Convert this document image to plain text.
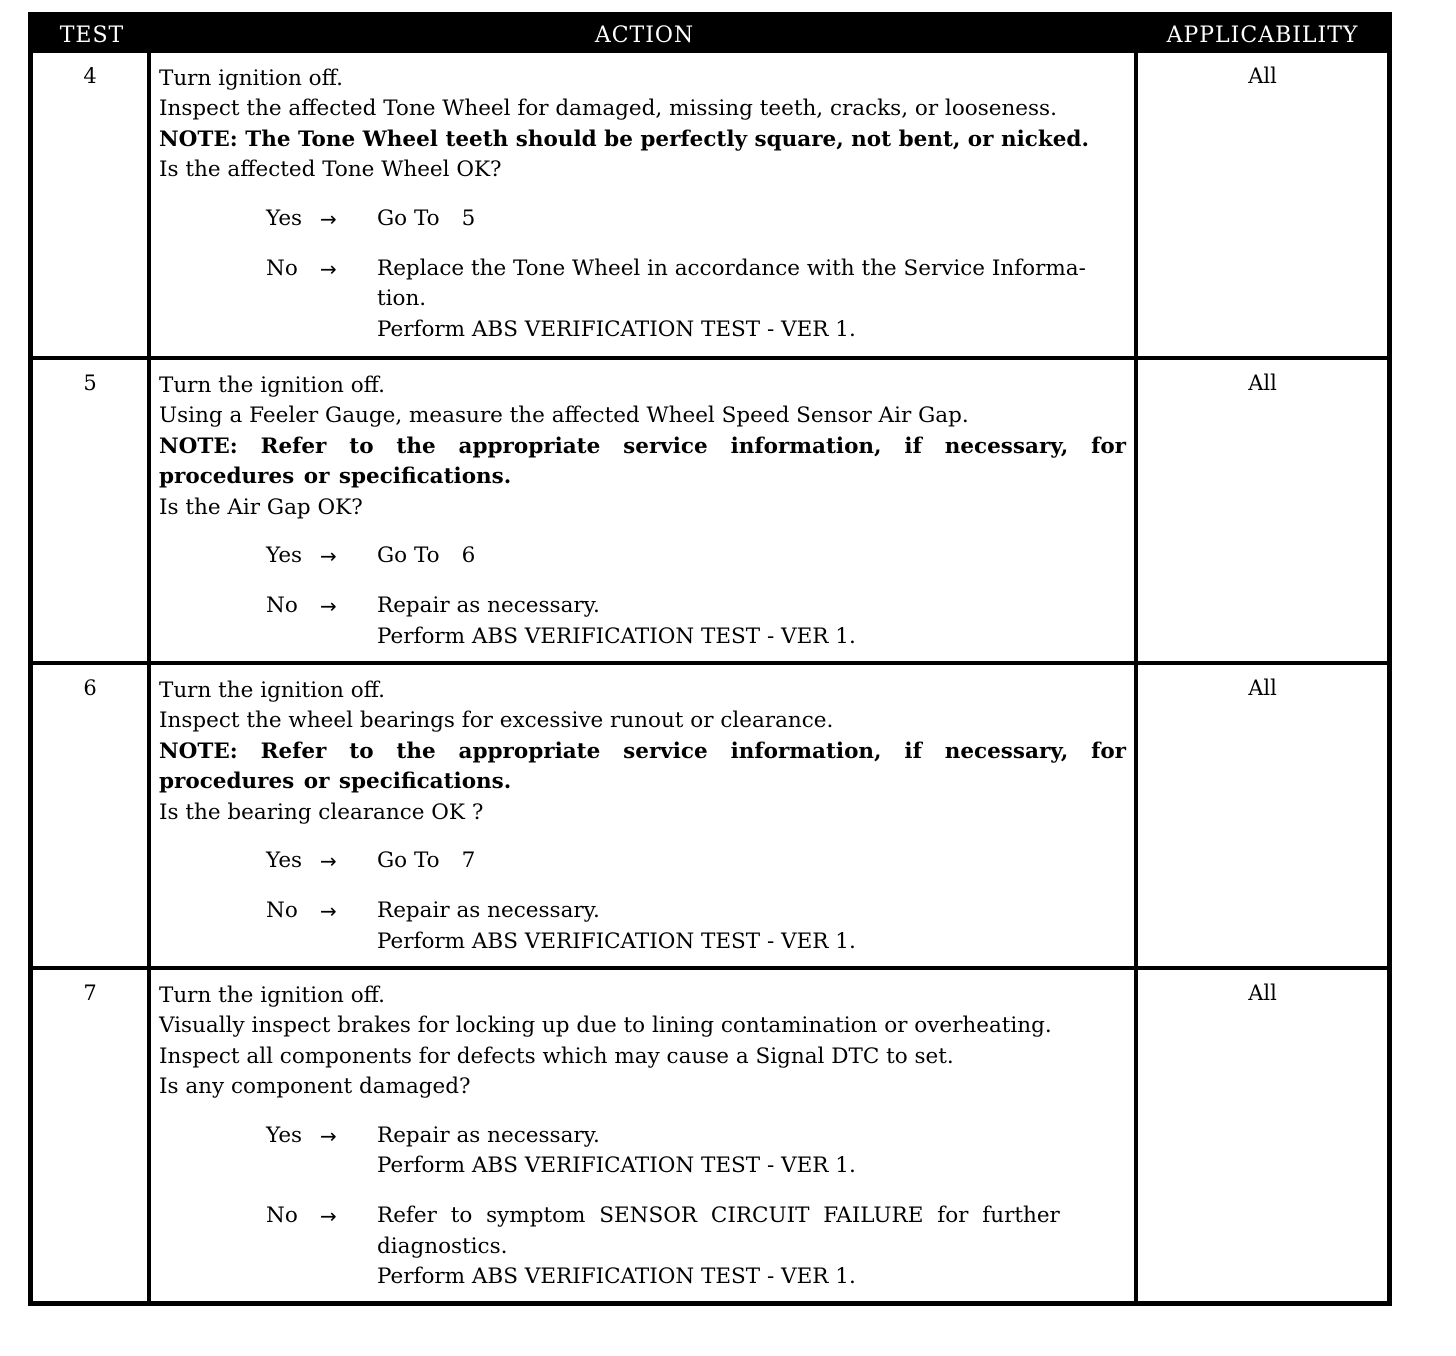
TEST	ACTION	APPLICABILITY
4	Turn ignition off.
Inspect the affected Tone Wheel for damaged, missing teeth, cracks, or looseness.
NOTE: The Tone Wheel teeth should be perfectly square, not bent, or nicked.
Is the affected Tone Wheel OK?
Yes →	Go To 5
No	→	Replace the Tone Wheel in accordance with the Service Informa-
tion.
Perform ABS VERIFICATION TEST - VER 1.
All
5	Turn the ignition off.
Using a Feeler Gauge, measure the affected Wheel Speed Sensor Air Gap.
NOTE: Refer to the appropriate service information, if necessary, for procedures or specifications.
Is the Air Gap OK?
Yes →	Go To 6
No	→	Repair as necessary.
Perform ABS VERIFICATION TEST - VER 1.
All
6	Turn the ignition off.
Inspect the wheel bearings for excessive runout or clearance.
NOTE: Refer to the appropriate service information, if necessary, for procedures or specifications.
Is the bearing clearance OK ?
Yes →	Go To 7
No	→	Repair as necessary.
Perform ABS VERIFICATION TEST - VER 1.
All
7	Turn the ignition off.
Visually inspect brakes for locking up due to lining contamination or overheating.
Inspect all components for defects which may cause a Signal DTC to set.
Is any component damaged?
Yes →	Repair as necessary.
Perform ABS VERIFICATION TEST - VER 1.
No	→	Refer to symptom SENSOR CIRCUIT FAILURE for further
diagnostics.
Perform ABS VERIFICATION TEST - VER 1.
All
